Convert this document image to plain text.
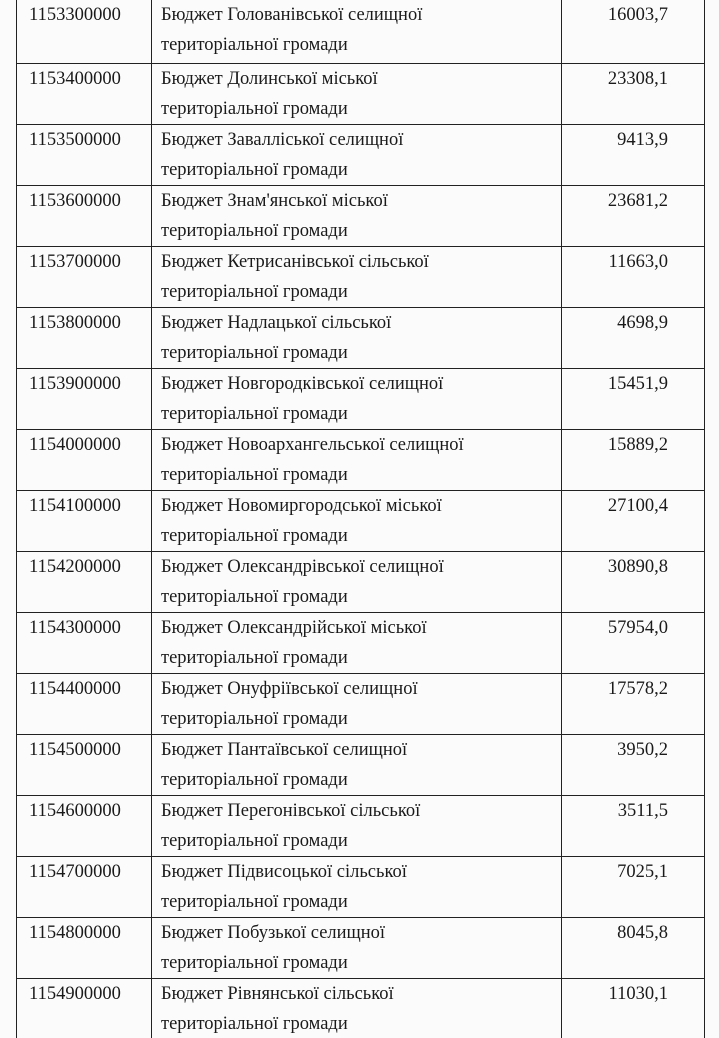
1153300000	Бюджет Голованівської селищної
територіальної громади	16003,7
1153400000	Бюджет Долинської міської
територіальної громади	23308,1
1153500000	Бюджет Завалліської селищної
територіальної громади	9413,9
1153600000	Бюджет Знам'янської міської
територіальної громади	23681,2
1153700000	Бюджет Кетрисанівської сільської
територіальної громади	11663,0
1153800000	Бюджет Надлацької сільської
територіальної громади	4698,9
1153900000	Бюджет Новгородківської селищної
територіальної громади	15451,9
1154000000	Бюджет Новоархангельської селищної
територіальної громади	15889,2
1154100000	Бюджет Новомиргородської міської
територіальної громади	27100,4
1154200000	Бюджет Олександрівської селищної
територіальної громади	30890,8
1154300000	Бюджет Олександрійської міської
територіальної громади	57954,0
1154400000	Бюджет Онуфріївської селищної
територіальної громади	17578,2
1154500000	Бюджет Пантаївської селищної
територіальної громади	3950,2
1154600000	Бюджет Перегонівської сільської
територіальної громади	3511,5
1154700000	Бюджет Підвисоцької сільської
територіальної громади	7025,1
1154800000	Бюджет Побузької селищної
територіальної громади	8045,8
1154900000	Бюджет Рівнянської сільської
територіальної громади	11030,1
